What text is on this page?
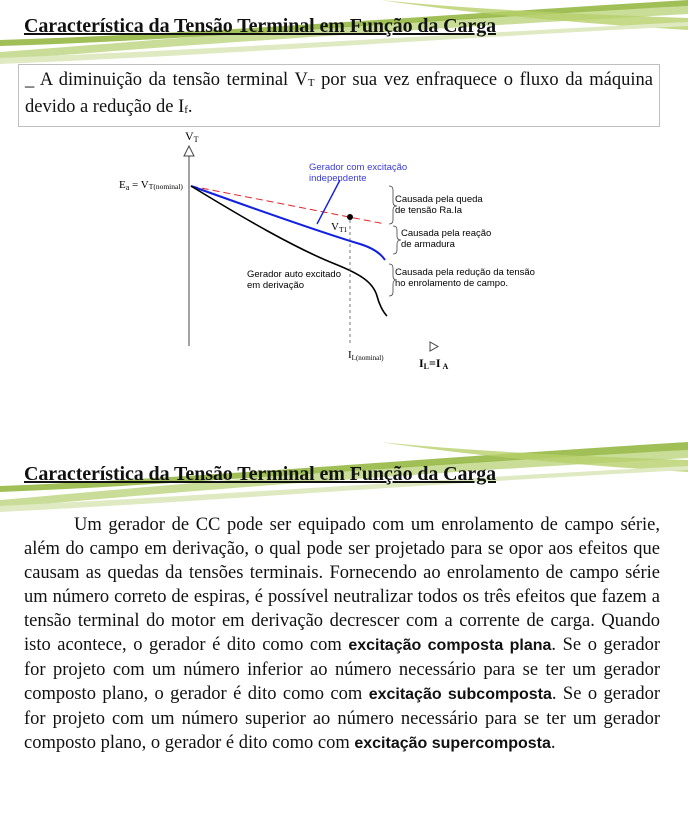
Característica da Tensão Terminal em Função da Carga

_ A diminuição da tensão terminal $V_T$ por sua vez enfraquece o fluxo da máquina devido a redução de $I_f$.

VT
Ea = VT(nominal)
Gerador com excitação
independente
VT1
Causada pela queda
de tensão Ra.Ia
Causada pela reação
de armadura
Causada pela redução da tensão
no enrolamento de campo.
Gerador auto excitado
em derivação
IL(nominal)	IL=I A
Característica da Tensão Terminal em Função da Carga

Um gerador de CC pode ser equipado com um enrolamento de campo série, além do campo em derivação, o qual pode ser projetado para se opor aos efeitos que causam as quedas da tensões terminais. Fornecendo ao enrolamento de campo série um número correto de espiras, é possível neutralizar todos os três efeitos que fazem a tensão terminal do motor em derivação decrescer com a corrente de carga. Quando isto acontece, o gerador é dito como com excitação composta plana. Se o gerador for projeto com um número inferior ao número necessário para se ter um gerador composto plano, o gerador é dito como com excitação subcomposta. Se o gerador for projeto com um número superior ao número necessário para se ter um gerador composto plano, o gerador é dito como com excitação supercomposta.
